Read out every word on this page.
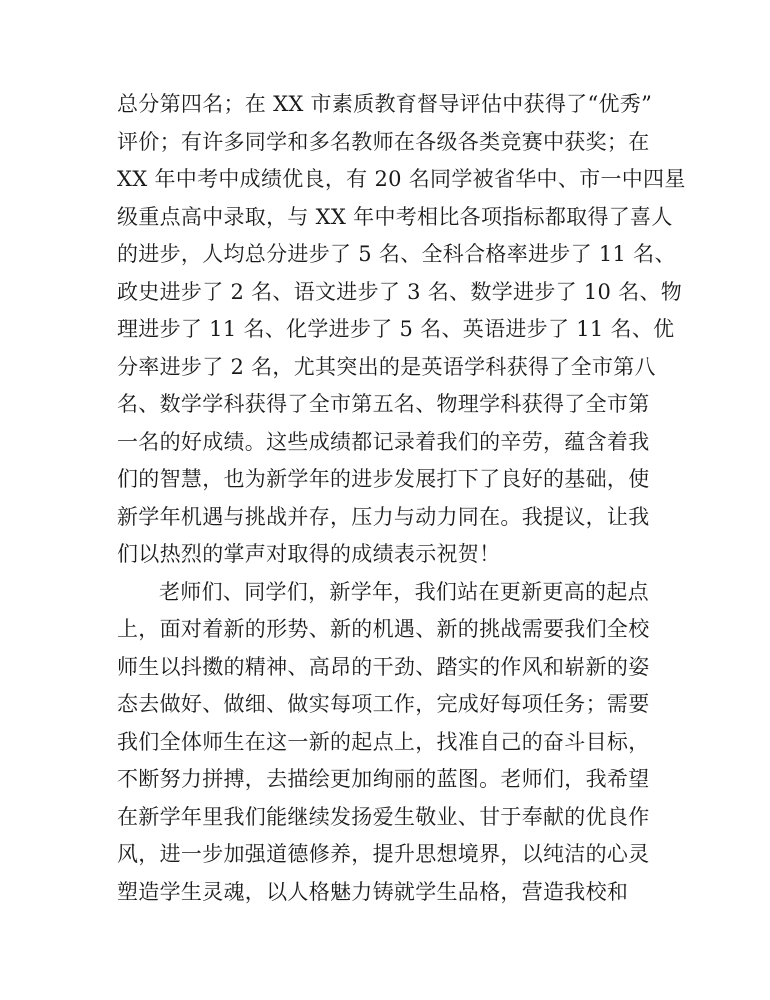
总分第四名；在 XX 市素质教育督导评估中获得了“优秀”
评价；有许多同学和多名教师在各级各类竞赛中获奖；在
XX 年中考中成绩优良，有 20 名同学被省华中、市一中四星
级重点高中录取，与 XX 年中考相比各项指标都取得了喜人
的进步，人均总分进步了 5 名、全科合格率进步了 11 名、
政史进步了 2 名、语文进步了 3 名、数学进步了 10 名、物
理进步了 11 名、化学进步了 5 名、英语进步了 11 名、优
分率进步了 2 名，尤其突出的是英语学科获得了全市第八
名、数学学科获得了全市第五名、物理学科获得了全市第
一名的好成绩。这些成绩都记录着我们的辛劳，蕴含着我
们的智慧，也为新学年的进步发展打下了良好的基础，使
新学年机遇与挑战并存，压力与动力同在。我提议，让我
们以热烈的掌声对取得的成绩表示祝贺！
老师们、同学们，新学年，我们站在更新更高的起点
上，面对着新的形势、新的机遇、新的挑战需要我们全校
师生以抖擞的精神、高昂的干劲、踏实的作风和崭新的姿
态去做好、做细、做实每项工作，完成好每项任务；需要
我们全体师生在这一新的起点上，找准自己的奋斗目标，
不断努力拼搏，去描绘更加绚丽的蓝图。老师们，我希望
在新学年里我们能继续发扬爱生敬业、甘于奉献的优良作
风，进一步加强道德修养，提升思想境界，以纯洁的心灵
塑造学生灵魂，以人格魅力铸就学生品格，营造我校和
